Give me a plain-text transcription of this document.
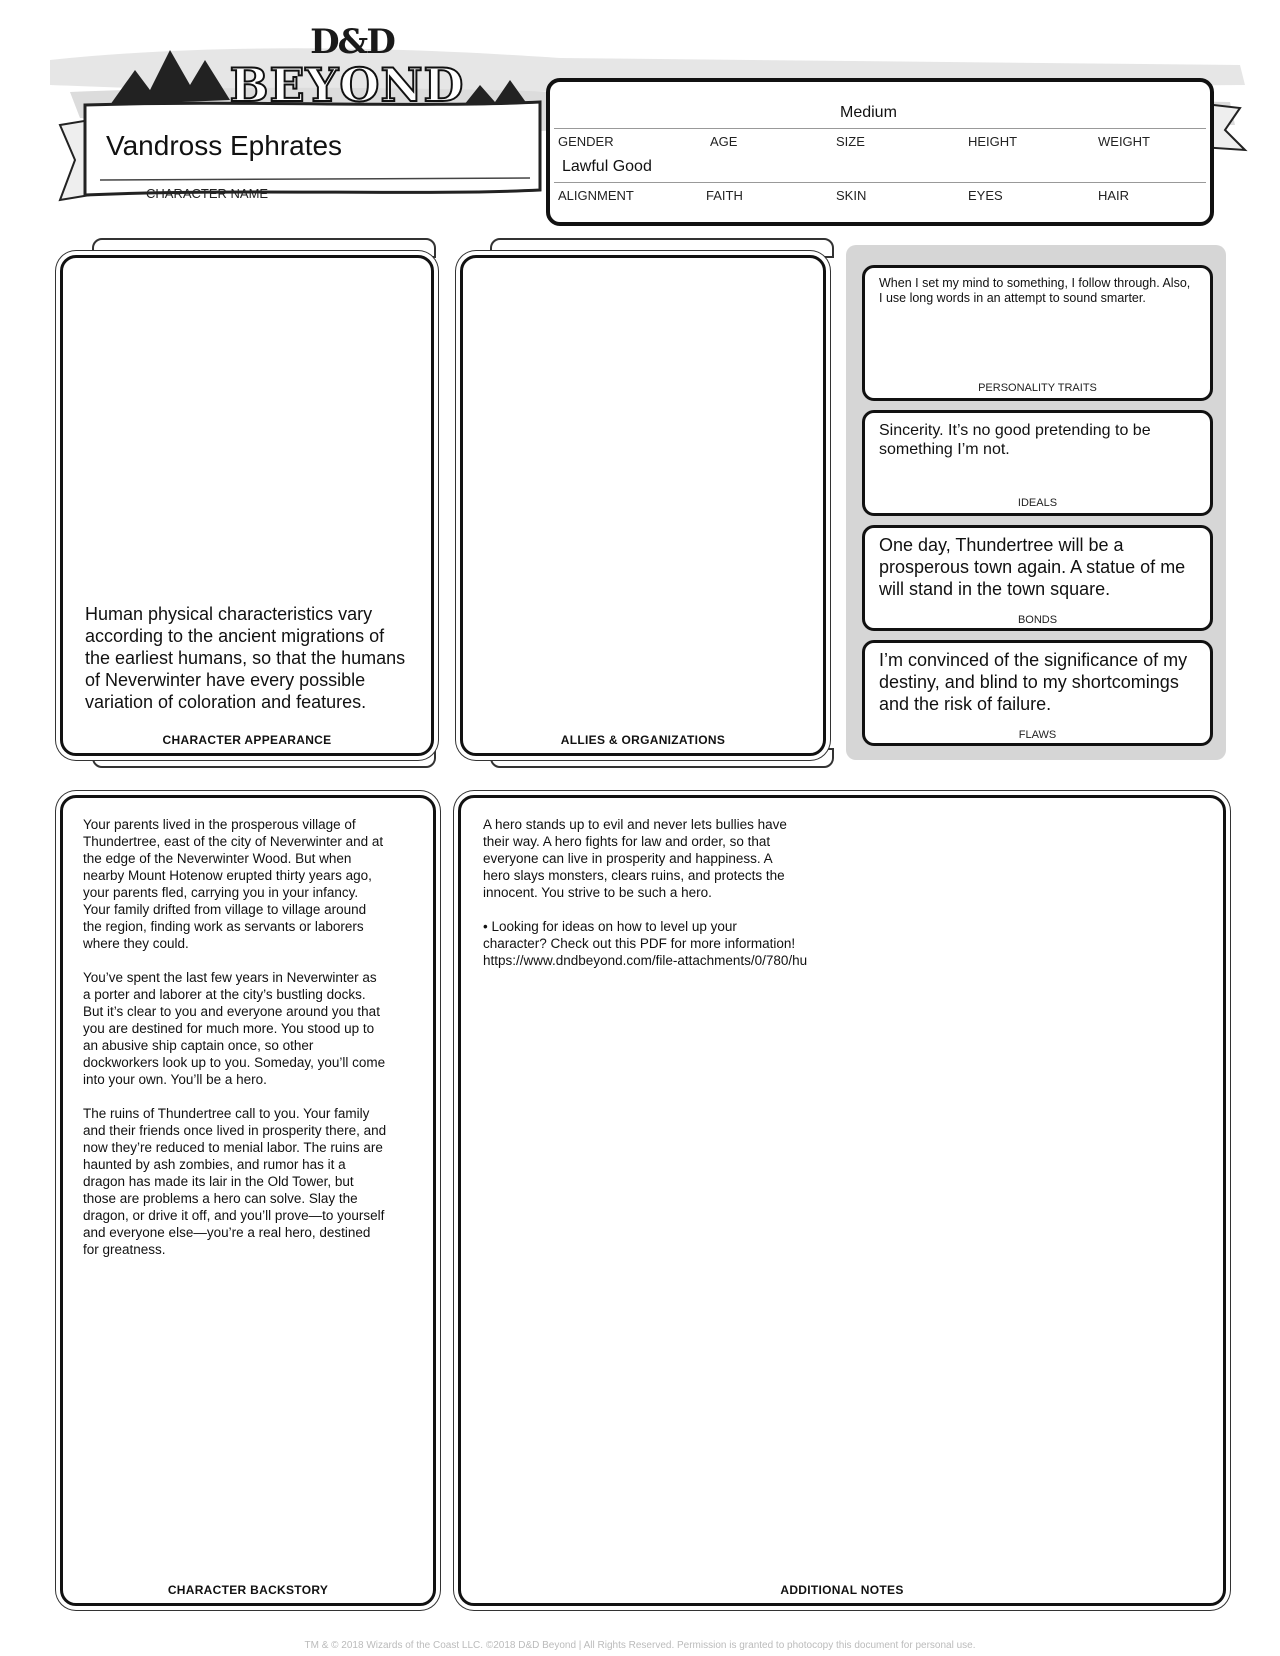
D&D
BEYOND
Vandross Ephrates
CHARACTER NAME
Medium
GENDER	AGE	SIZE	HEIGHT	WEIGHT
Lawful Good
ALIGNMENT	FAITH	SKIN	EYES	HAIR
Human physical characteristics vary according to the ancient migrations of the earliest humans, so that the humans of Neverwinter have every possible variation of coloration and features.
CHARACTER APPEARANCE	ALLIES & ORGANIZATIONS
When I set my mind to something, I follow through. Also, I use long words in an attempt to sound smarter.
PERSONALITY TRAITS
Sincerity. It’s no good pretending to be something I’m not.
IDEALS
One day, Thundertree will be a prosperous town again. A statue of me will stand in the town square.
BONDS
I’m convinced of the significance of my destiny, and blind to my shortcomings and the risk of failure.
FLAWS
Your parents lived in the prosperous village of
Thundertree, east of the city of Neverwinter and at
the edge of the Neverwinter Wood. But when
nearby Mount Hotenow erupted thirty years ago,
your parents fled, carrying you in your infancy.
Your family drifted from village to village around
the region, finding work as servants or laborers
where they could.

You’ve spent the last few years in Neverwinter as
a porter and laborer at the city’s bustling docks.
But it’s clear to you and everyone around you that
you are destined for much more. You stood up to
an abusive ship captain once, so other
dockworkers look up to you. Someday, you’ll come
into your own. You’ll be a hero.

The ruins of Thundertree call to you. Your family
and their friends once lived in prosperity there, and
now they’re reduced to menial labor. The ruins are
haunted by ash zombies, and rumor has it a
dragon has made its lair in the Old Tower, but
those are problems a hero can solve. Slay the
dragon, or drive it off, and you’ll prove—to yourself
and everyone else—you’re a real hero, destined
for greatness.
CHARACTER BACKSTORY
A hero stands up to evil and never lets bullies have
their way. A hero fights for law and order, so that
everyone can live in prosperity and happiness. A
hero slays monsters, clears ruins, and protects the
innocent. You strive to be such a hero.

• Looking for ideas on how to level up your
character? Check out this PDF for more information!
https://www.dndbeyond.com/file-attachments/0/780/hu
ADDITIONAL NOTES
TM & © 2018 Wizards of the Coast LLC. ©2018 D&D Beyond | All Rights Reserved. Permission is granted to photocopy this document for personal use.
